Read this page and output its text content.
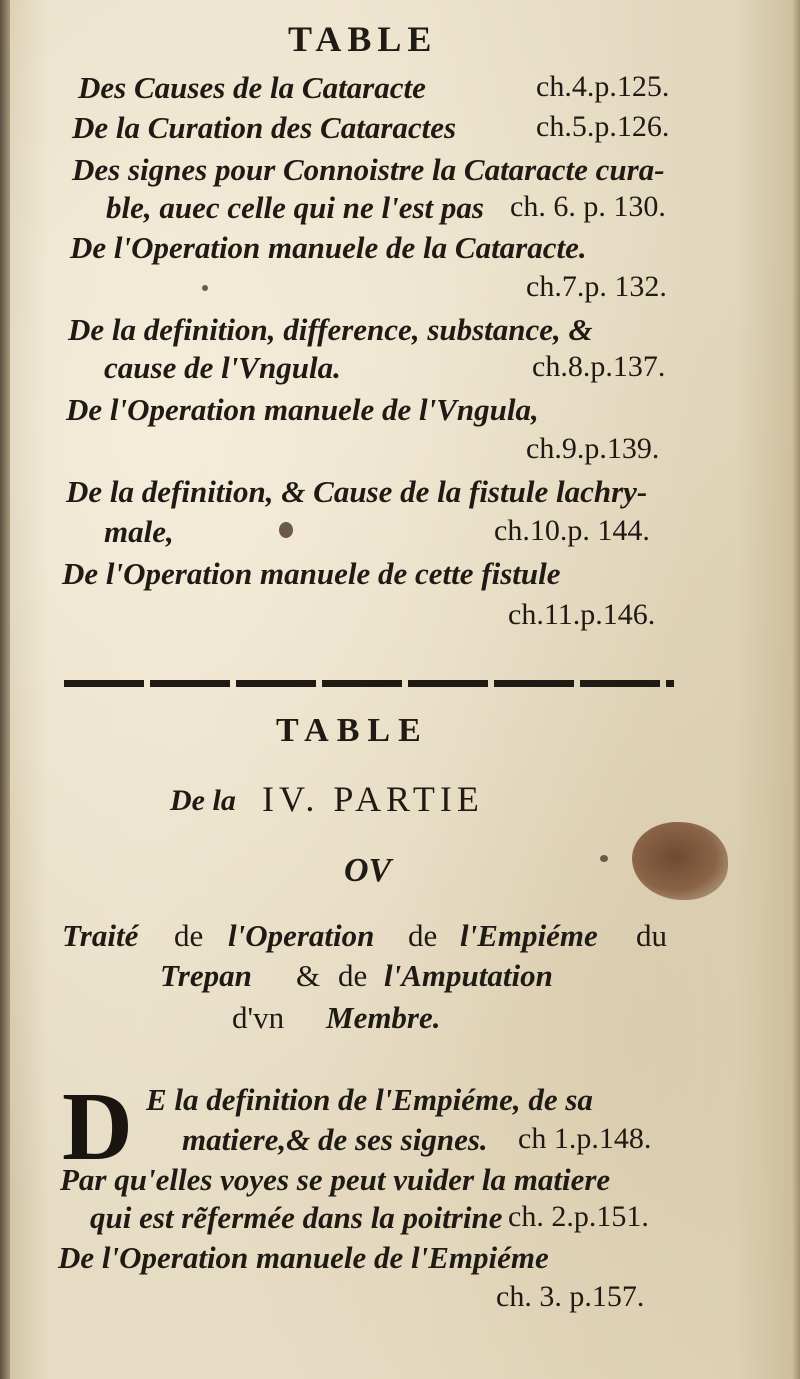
TABLE

Des Causes de la Cataracte	ch.4.p.125.

De la Curation des Cataractes	ch.5.p.126.

Des signes pour Connoistre la Cataracte cura-

ble, auec celle qui ne l'est pas ch. 6. p. 130.

De l'Operation manuele de la Cataracte.

ch.7.p. 132.

De la definition, difference, substance, &

cause de l'Vngula.	ch.8.p.137.

De l'Operation manuele de l'Vngula,

ch.9.p.139.

De la definition, & Cause de la fistule lachry-

male,	ch.10.p. 144.

De l'Operation manuele de cette fistule

ch.11.p.146.

TABLE

De la IV. PARTIE

OV

Traité de l'Operation de l'Empiéme du

Trepan & de l'Amputation

d'vn Membre.

D E la definition de l'Empiéme, de sa

matiere,& de ses signes. ch 1.p.148.

Par qu'elles voyes se peut vuider la matiere

qui est rẽfermée dans la poitrine ch. 2.p.151.

De l'Operation manuele de l'Empiéme

ch. 3. p.157.
